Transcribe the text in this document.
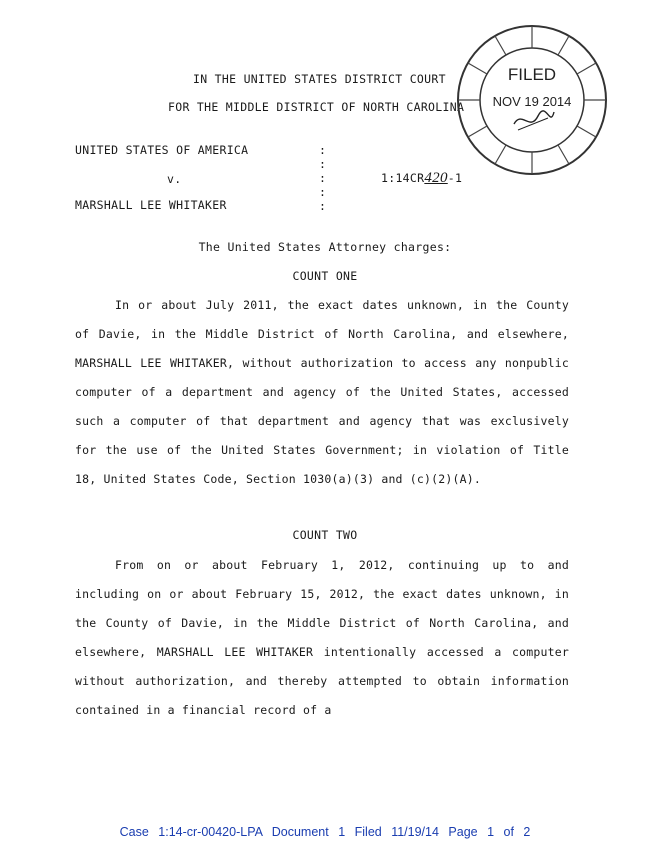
IN THE UNITED STATES DISTRICT COURT
FOR THE MIDDLE DISTRICT OF NORTH CAROLINA
FILED
NOV 19 2014
UNITED STATES OF AMERICA
v.
MARSHALL LEE WHITAKER
:
:
:
:
:
1:14CR420-1
The United States Attorney charges:
COUNT ONE
In or about July 2011, the exact dates unknown, in the County of Davie, in the Middle District of North Carolina, and elsewhere, MARSHALL LEE WHITAKER, without authorization to access any nonpublic computer of a department and agency of the United States, accessed such a computer of that department and agency that was exclusively for the use of the United States Government; in violation of Title 18, United States Code, Section 1030(a)(3) and (c)(2)(A).
COUNT TWO
From on or about February 1, 2012, continuing up to and including on or about February 15, 2012, the exact dates unknown, in the County of Davie, in the Middle District of North Carolina, and elsewhere, MARSHALL LEE WHITAKER intentionally accessed a computer without authorization, and thereby attempted to obtain information contained in a financial record of a
Case 1:14-cr-00420-LPA Document 1 Filed 11/19/14 Page 1 of 2
